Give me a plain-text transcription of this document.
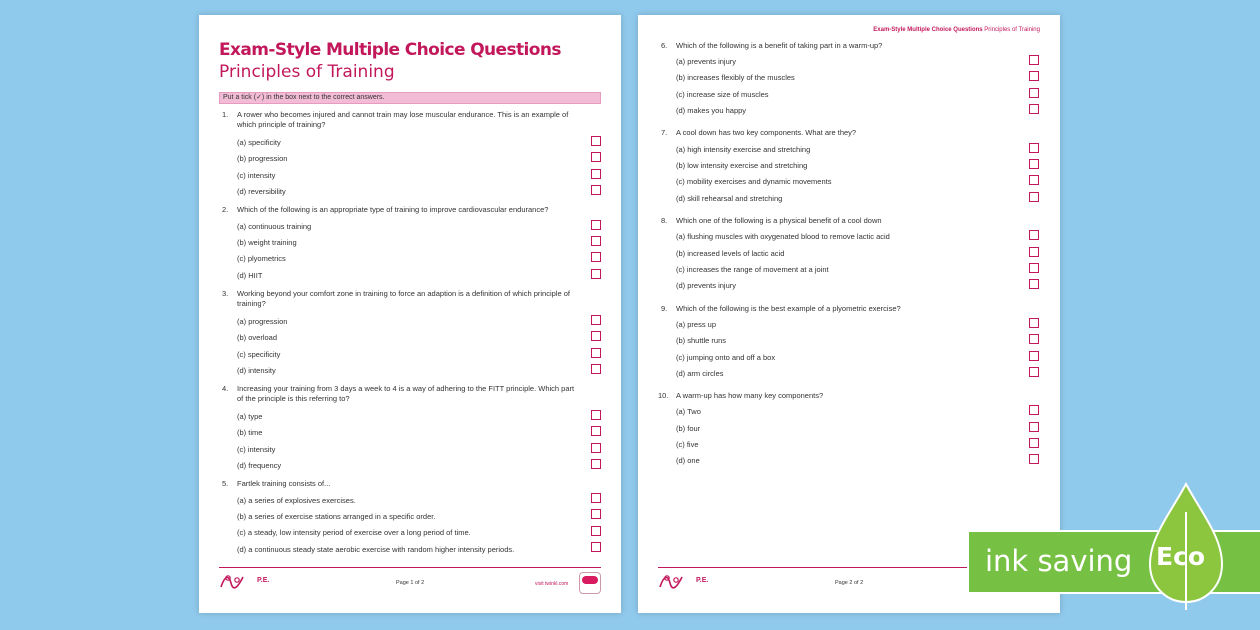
Exam-Style Multiple Choice Questions Principles of Training
Put a tick (✓) in the box next to the correct answers.
1. A rower who becomes injured and cannot train may lose muscular endurance. This is an example of which principle of training?
(a) specificity
(b) progression
(c) intensity
(d) reversibility
2. Which of the following is an appropriate type of training to improve cardiovascular endurance?
(a) continuous training
(b) weight training
(c) plyometrics
(d) HIIT
3. Working beyond your comfort zone in training to force an adaption is a definition of which principle of training?
(a) progression
(b) overload
(c) specificity
(d) intensity
4. Increasing your training from 3 days a week to 4 is a way of adhering to the FITT principle. Which part of the principle is this referring to?
(a) type
(b) time
(c) intensity
(d) frequency
5. Fartlek training consists of...
(a) a series of explosives exercises.
(b) a series of exercise stations arranged in a specific order.
(c) a steady, low intensity period of exercise over a long period of time.
(d) a continuous steady state aerobic exercise with random higher intensity periods.
P.E.	Page 1 of 2	visit twinkl.com
Exam-Style Multiple Choice Questions Principles of Training
6. Which of the following is a benefit of taking part in a warm-up?
(a) prevents injury
(b) increases flexibly of the muscles
(c) increase size of muscles
(d) makes you happy
7. A cool down has two key components. What are they?
(a) high intensity exercise and stretching
(b) low intensity exercise and stretching
(c) mobility exercises and dynamic movements
(d) skill rehearsal and stretching
8. Which one of the following is a physical benefit of a cool down
(a) flushing muscles with oxygenated blood to remove lactic acid
(b) increased levels of lactic acid
(c) increases the range of movement at a joint
(d) prevents injury
9. Which of the following is the best example of a plyometric exercise?
(a) press up
(b) shuttle runs
(c) jumping onto and off a box
(d) arm circles
10. A warm-up has how many key components?
(a) Two
(b) four
(c) five
(d) one
P.E.	Page 2 of 2
ink saving Eco
